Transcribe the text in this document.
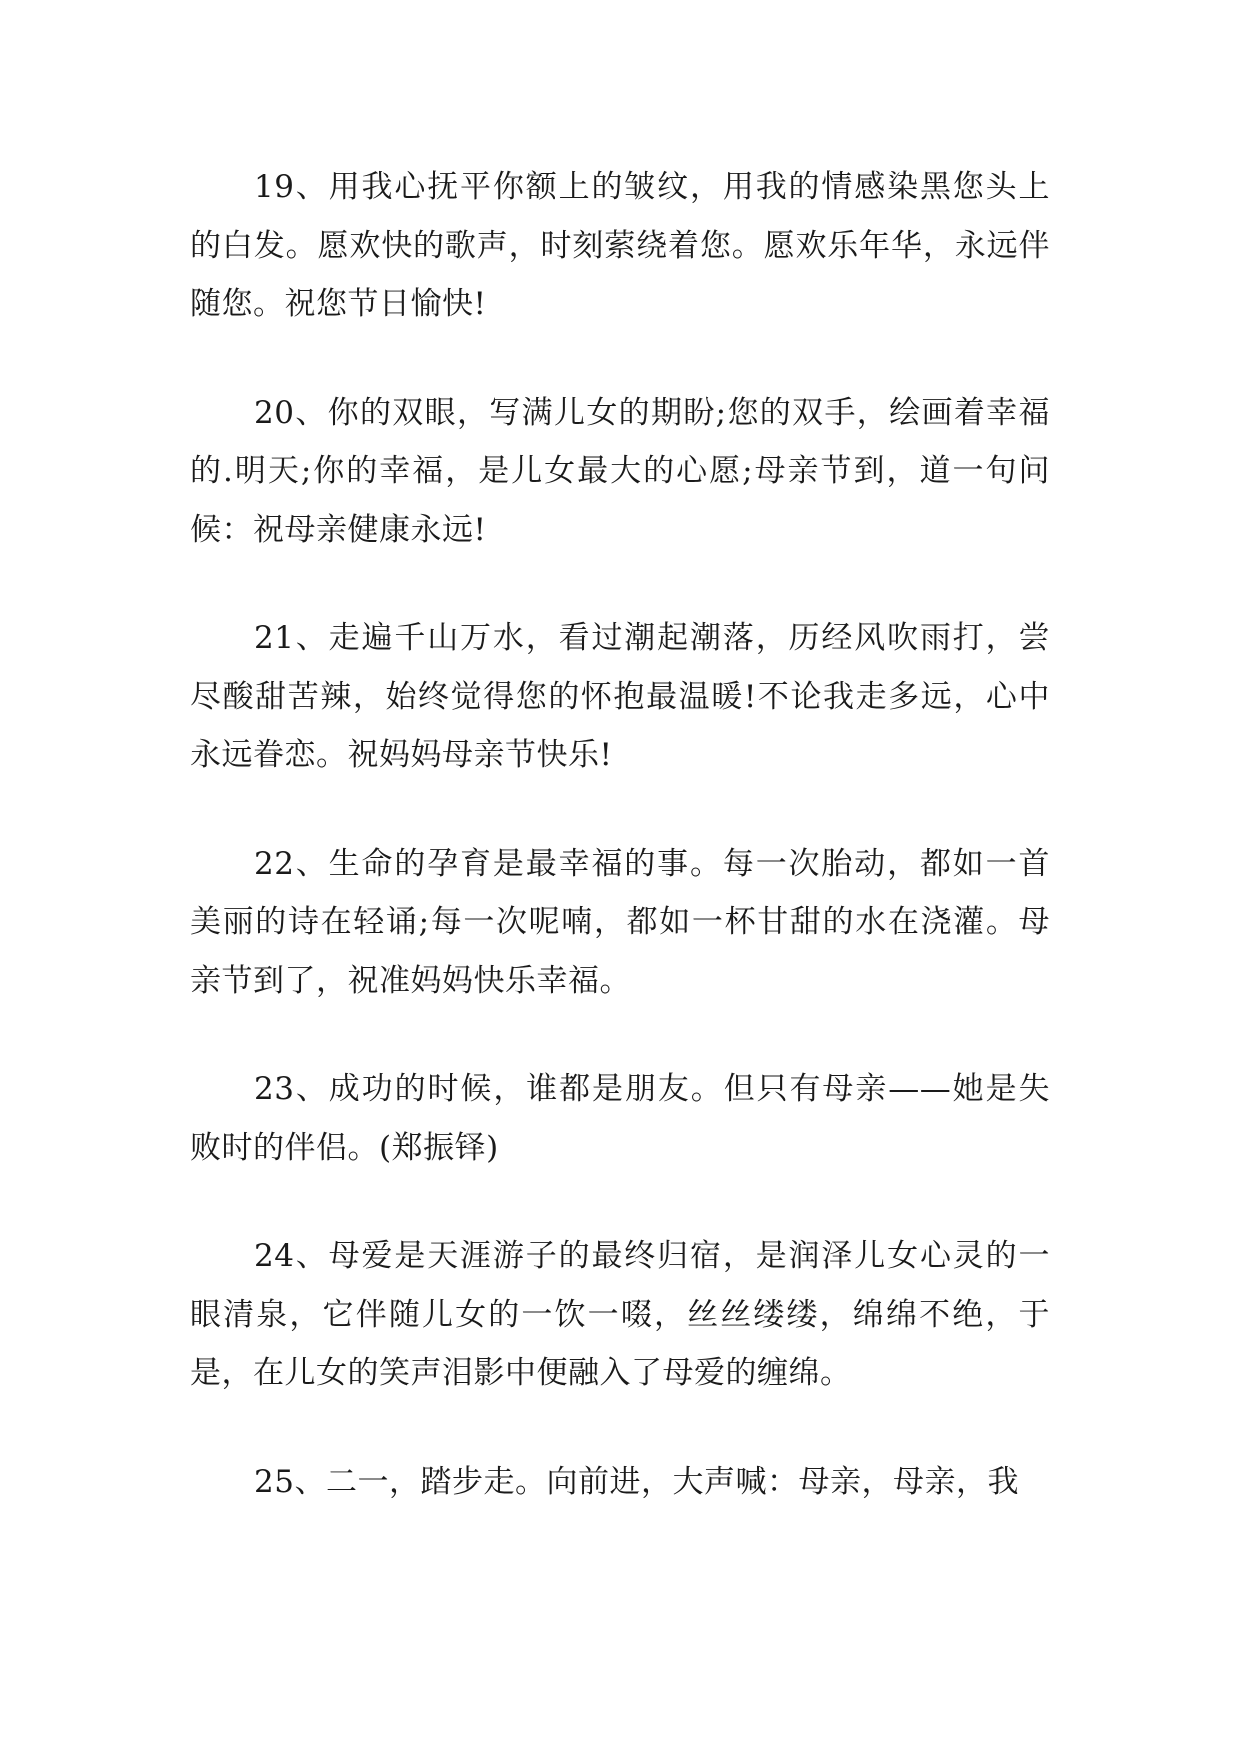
19、用我心抚平你额上的皱纹，用我的情感染黑您头上的白发。愿欢快的歌声，时刻萦绕着您。愿欢乐年华，永远伴随您。祝您节日愉快!

20、你的双眼，写满儿女的期盼;您的双手，绘画着幸福的.明天;你的幸福，是儿女最大的心愿;母亲节到，道一句问候：祝母亲健康永远!

21、走遍千山万水，看过潮起潮落，历经风吹雨打，尝尽酸甜苦辣，始终觉得您的怀抱最温暖!不论我走多远，心中永远眷恋。祝妈妈母亲节快乐!

22、生命的孕育是最幸福的事。每一次胎动，都如一首美丽的诗在轻诵;每一次呢喃，都如一杯甘甜的水在浇灌。母亲节到了，祝准妈妈快乐幸福。

23、成功的时候，谁都是朋友。但只有母亲——她是失败时的伴侣。(郑振铎)

24、母爱是天涯游子的最终归宿，是润泽儿女心灵的一眼清泉，它伴随儿女的一饮一啜，丝丝缕缕，绵绵不绝，于是，在儿女的笑声泪影中便融入了母爱的缠绵。

25、二一，踏步走。向前进，大声喊：母亲，母亲，我
